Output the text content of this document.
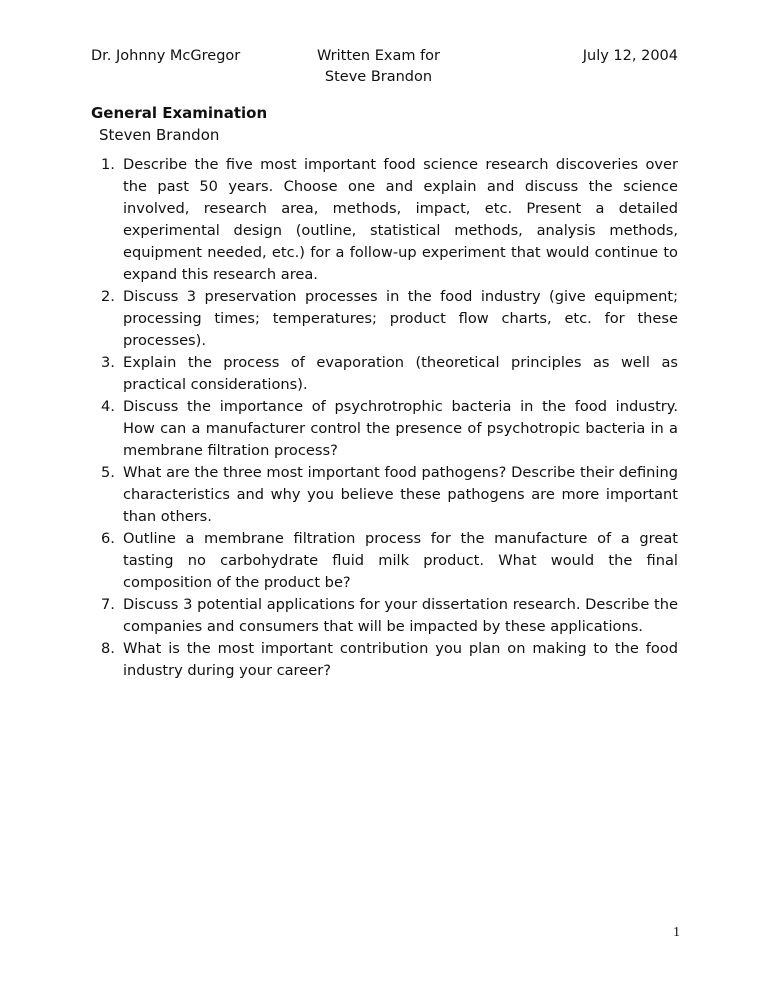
Dr. Johnny McGregor	Written Exam for
Steve Brandon
July 12, 2004
General Examination
Steven Brandon
1. Describe the five most important food science research discoveries over the past 50 years. Choose one and explain and discuss the science involved, research area, methods, impact, etc. Present a detailed experimental design (outline, statistical methods, analysis methods, equipment needed, etc.) for a follow-up experiment that would continue to expand this research area.
2. Discuss 3 preservation processes in the food industry (give equipment; processing times; temperatures; product flow charts, etc. for these processes).
3. Explain the process of evaporation (theoretical principles as well as practical considerations).
4. Discuss the importance of psychrotrophic bacteria in the food industry. How can a manufacturer control the presence of psychotropic bacteria in a membrane filtration process?
5. What are the three most important food pathogens? Describe their defining characteristics and why you believe these pathogens are more important than others.
6. Outline a membrane filtration process for the manufacture of a great tasting no carbohydrate fluid milk product. What would the final composition of the product be?
7. Discuss 3 potential applications for your dissertation research. Describe the companies and consumers that will be impacted by these applications.
8. What is the most important contribution you plan on making to the food industry during your career?
1
